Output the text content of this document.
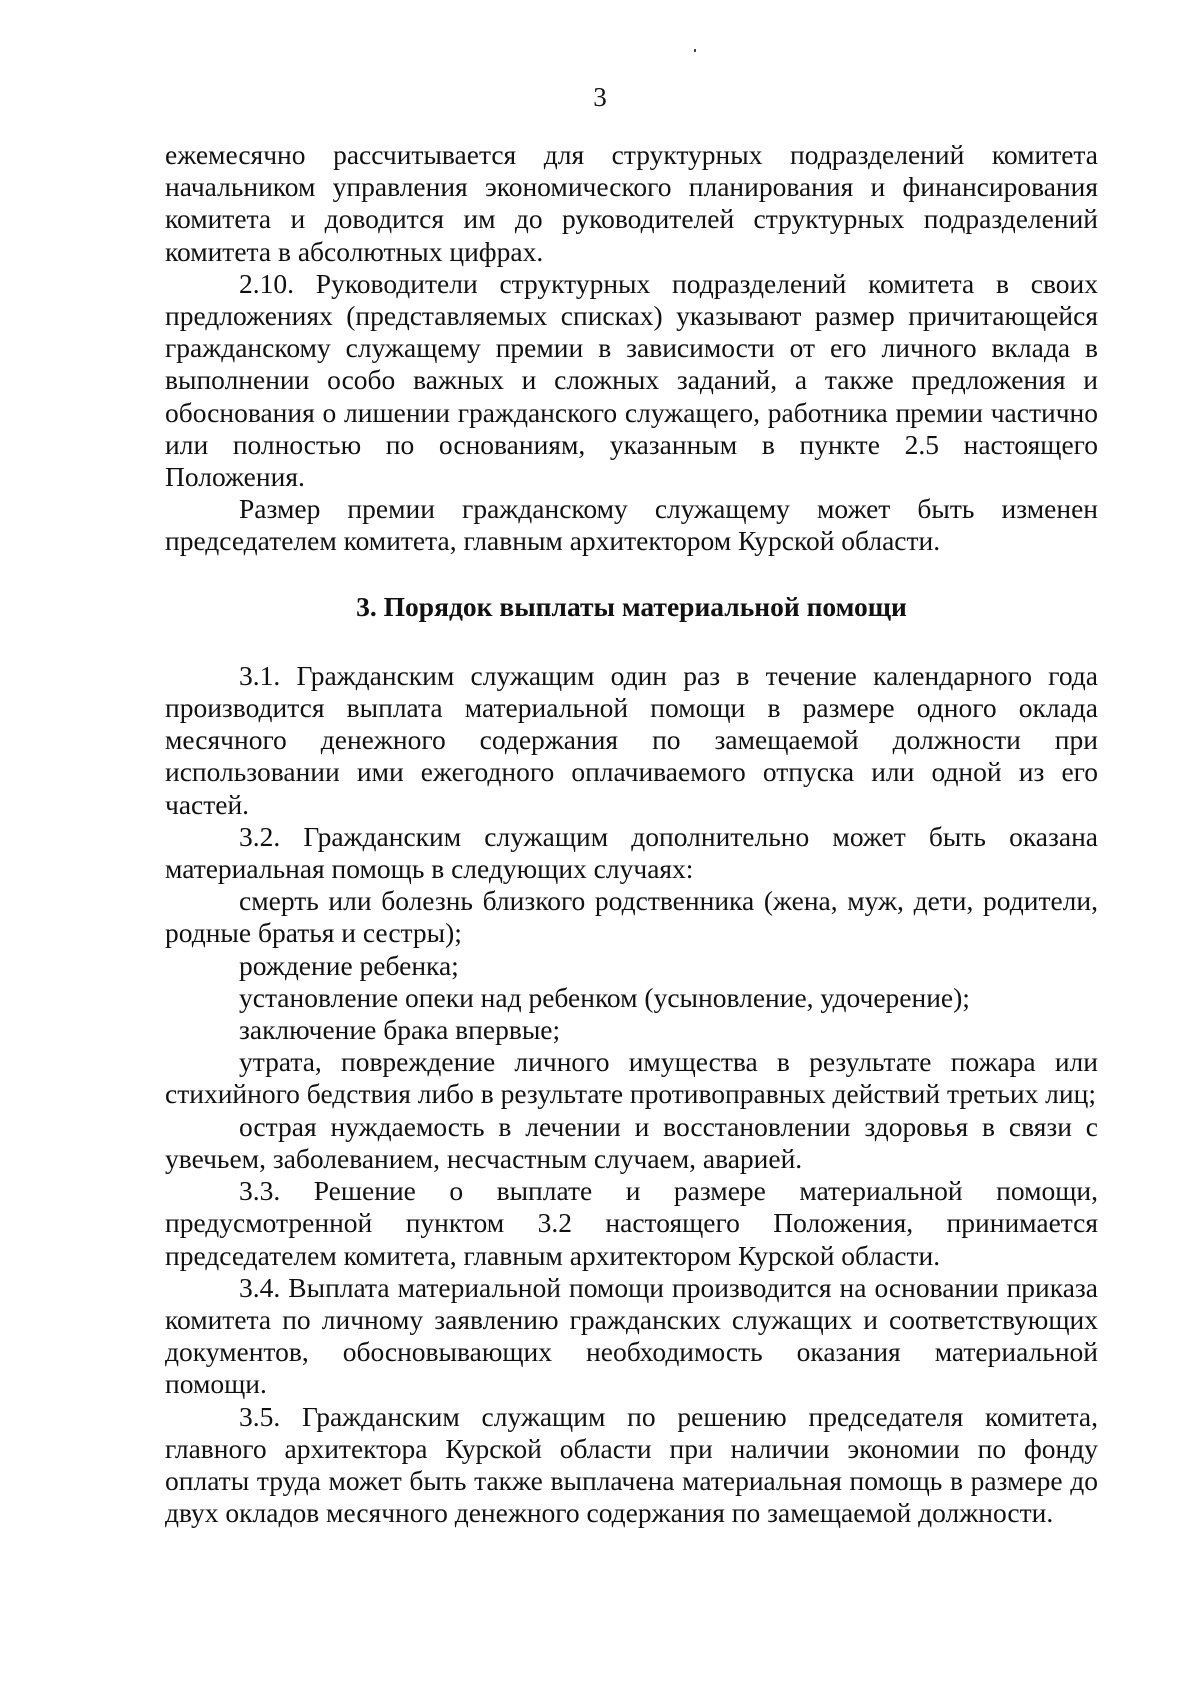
3

ежемесячно рассчитывается для структурных подразделений комитета начальником управления экономического планирования и финансирования комитета и доводится им до руководителей структурных подразделений комитета в абсолютных цифрах.

2.10. Руководители структурных подразделений комитета в своих предложениях (представляемых списках) указывают размер причитающейся гражданскому служащему премии в зависимости от его личного вклада в выполнении особо важных и сложных заданий, а также предложения и обоснования о лишении гражданского служащего, работника премии частично или полностью по основаниям, указанным в пункте 2.5 настоящего Положения.

Размер премии гражданскому служащему может быть изменен председателем комитета, главным архитектором Курской области.

3. Порядок выплаты материальной помощи

3.1. Гражданским служащим один раз в течение календарного года производится выплата материальной помощи в размере одного оклада месячного денежного содержания по замещаемой должности при использовании ими ежегодного оплачиваемого отпуска или одной из его частей.

3.2. Гражданским служащим дополнительно может быть оказана материальная помощь в следующих случаях:

смерть или болезнь близкого родственника (жена, муж, дети, родители, родные братья и сестры);

рождение ребенка;

установление опеки над ребенком (усыновление, удочерение);

заключение брака впервые;

утрата, повреждение личного имущества в результате пожара или стихийного бедствия либо в результате противоправных действий третьих лиц;

острая нуждаемость в лечении и восстановлении здоровья в связи с увечьем, заболеванием, несчастным случаем, аварией.

3.3. Решение о выплате и размере материальной помощи, предусмотренной пунктом 3.2 настоящего Положения, принимается председателем комитета, главным архитектором Курской области.

3.4. Выплата материальной помощи производится на основании приказа комитета по личному заявлению гражданских служащих и соответствующих документов, обосновывающих необходимость оказания материальной помощи.

3.5. Гражданским служащим по решению председателя комитета, главного архитектора Курской области при наличии экономии по фонду оплаты труда может быть также выплачена материальная помощь в размере до двух окладов месячного денежного содержания по замещаемой должности.
